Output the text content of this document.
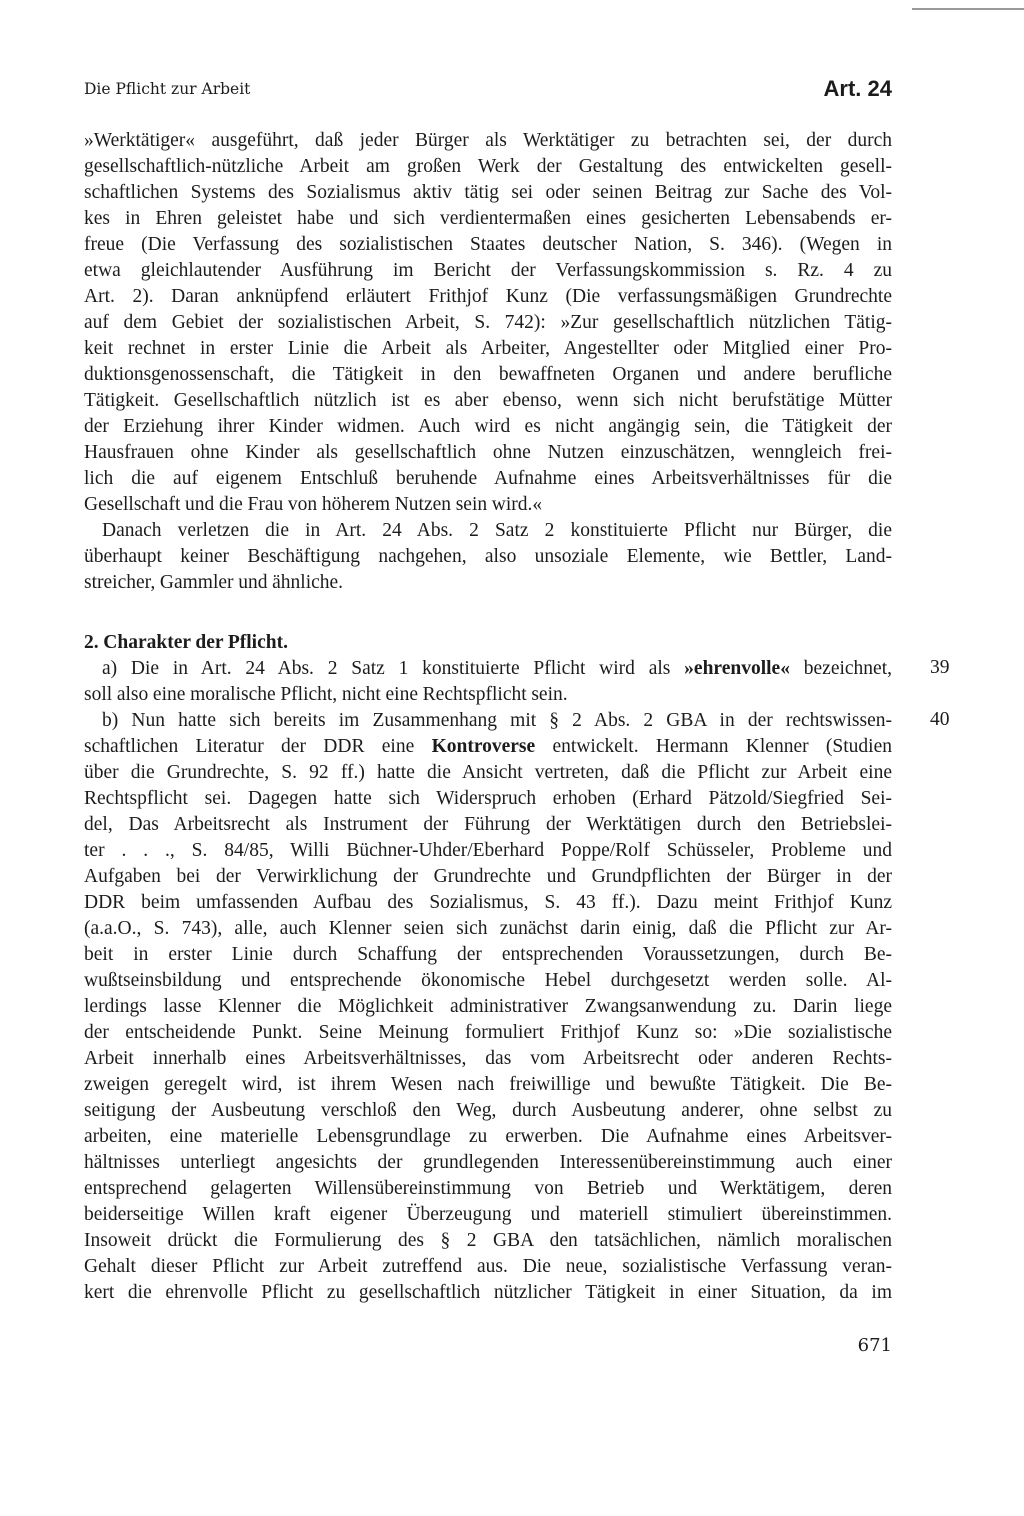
Die Pflicht zur Arbeit	Art. 24
»Werktätiger« ausgeführt, daß jeder Bürger als Werktätiger zu betrachten sei, der durch
gesellschaftlich-nützliche Arbeit am großen Werk der Gestaltung des entwickelten gesell-
schaftlichen Systems des Sozialismus aktiv tätig sei oder seinen Beitrag zur Sache des Vol-
kes in Ehren geleistet habe und sich verdientermaßen eines gesicherten Lebensabends er-
freue (Die Verfassung des sozialistischen Staates deutscher Nation, S. 346). (Wegen in
etwa gleichlautender Ausführung im Bericht der Verfassungskommission s. Rz. 4 zu
Art. 2). Daran anknüpfend erläutert Frithjof Kunz (Die verfassungsmäßigen Grundrechte
auf dem Gebiet der sozialistischen Arbeit, S. 742): »Zur gesellschaftlich nützlichen Tätig-
keit rechnet in erster Linie die Arbeit als Arbeiter, Angestellter oder Mitglied einer Pro-
duktionsgenossenschaft, die Tätigkeit in den bewaffneten Organen und andere berufliche
Tätigkeit. Gesellschaftlich nützlich ist es aber ebenso, wenn sich nicht berufstätige Mütter
der Erziehung ihrer Kinder widmen. Auch wird es nicht angängig sein, die Tätigkeit der
Hausfrauen ohne Kinder als gesellschaftlich ohne Nutzen einzuschätzen, wenngleich frei-
lich die auf eigenem Entschluß beruhende Aufnahme eines Arbeitsverhältnisses für die
Gesellschaft und die Frau von höherem Nutzen sein wird.«
Danach verletzen die in Art. 24 Abs. 2 Satz 2 konstituierte Pflicht nur Bürger, die
überhaupt keiner Beschäftigung nachgehen, also unsoziale Elemente, wie Bettler, Land-
streicher, Gammler und ähnliche.
2. Charakter der Pflicht.
39
a) Die in Art. 24 Abs. 2 Satz 1 konstituierte Pflicht wird als »ehrenvolle« bezeichnet,
soll also eine moralische Pflicht, nicht eine Rechtspflicht sein.
40
b) Nun hatte sich bereits im Zusammenhang mit § 2 Abs. 2 GBA in der rechtswissen-
schaftlichen Literatur der DDR eine Kontroverse entwickelt. Hermann Klenner (Studien
über die Grundrechte, S. 92 ff.) hatte die Ansicht vertreten, daß die Pflicht zur Arbeit eine
Rechtspflicht sei. Dagegen hatte sich Widerspruch erhoben (Erhard Pätzold/Siegfried Sei-
del, Das Arbeitsrecht als Instrument der Führung der Werktätigen durch den Betriebslei-
ter . . ., S. 84/85, Willi Büchner-Uhder/Eberhard Poppe/Rolf Schüsseler, Probleme und
Aufgaben bei der Verwirklichung der Grundrechte und Grundpflichten der Bürger in der
DDR beim umfassenden Aufbau des Sozialismus, S. 43 ff.). Dazu meint Frithjof Kunz
(a.a.O., S. 743), alle, auch Klenner seien sich zunächst darin einig, daß die Pflicht zur Ar-
beit in erster Linie durch Schaffung der entsprechenden Voraussetzungen, durch Be-
wußtseinsbildung und entsprechende ökonomische Hebel durchgesetzt werden solle. Al-
lerdings lasse Klenner die Möglichkeit administrativer Zwangsanwendung zu. Darin liege
der entscheidende Punkt. Seine Meinung formuliert Frithjof Kunz so: »Die sozialistische
Arbeit innerhalb eines Arbeitsverhältnisses, das vom Arbeitsrecht oder anderen Rechts-
zweigen geregelt wird, ist ihrem Wesen nach freiwillige und bewußte Tätigkeit. Die Be-
seitigung der Ausbeutung verschloß den Weg, durch Ausbeutung anderer, ohne selbst zu
arbeiten, eine materielle Lebensgrundlage zu erwerben. Die Aufnahme eines Arbeitsver-
hältnisses unterliegt angesichts der grundlegenden Interessenübereinstimmung auch einer
entsprechend gelagerten Willensübereinstimmung von Betrieb und Werktätigem, deren
beiderseitige Willen kraft eigener Überzeugung und materiell stimuliert übereinstimmen.
Insoweit drückt die Formulierung des § 2 GBA den tatsächlichen, nämlich moralischen
Gehalt dieser Pflicht zur Arbeit zutreffend aus. Die neue, sozialistische Verfassung veran-
kert die ehrenvolle Pflicht zu gesellschaftlich nützlicher Tätigkeit in einer Situation, da im
671
